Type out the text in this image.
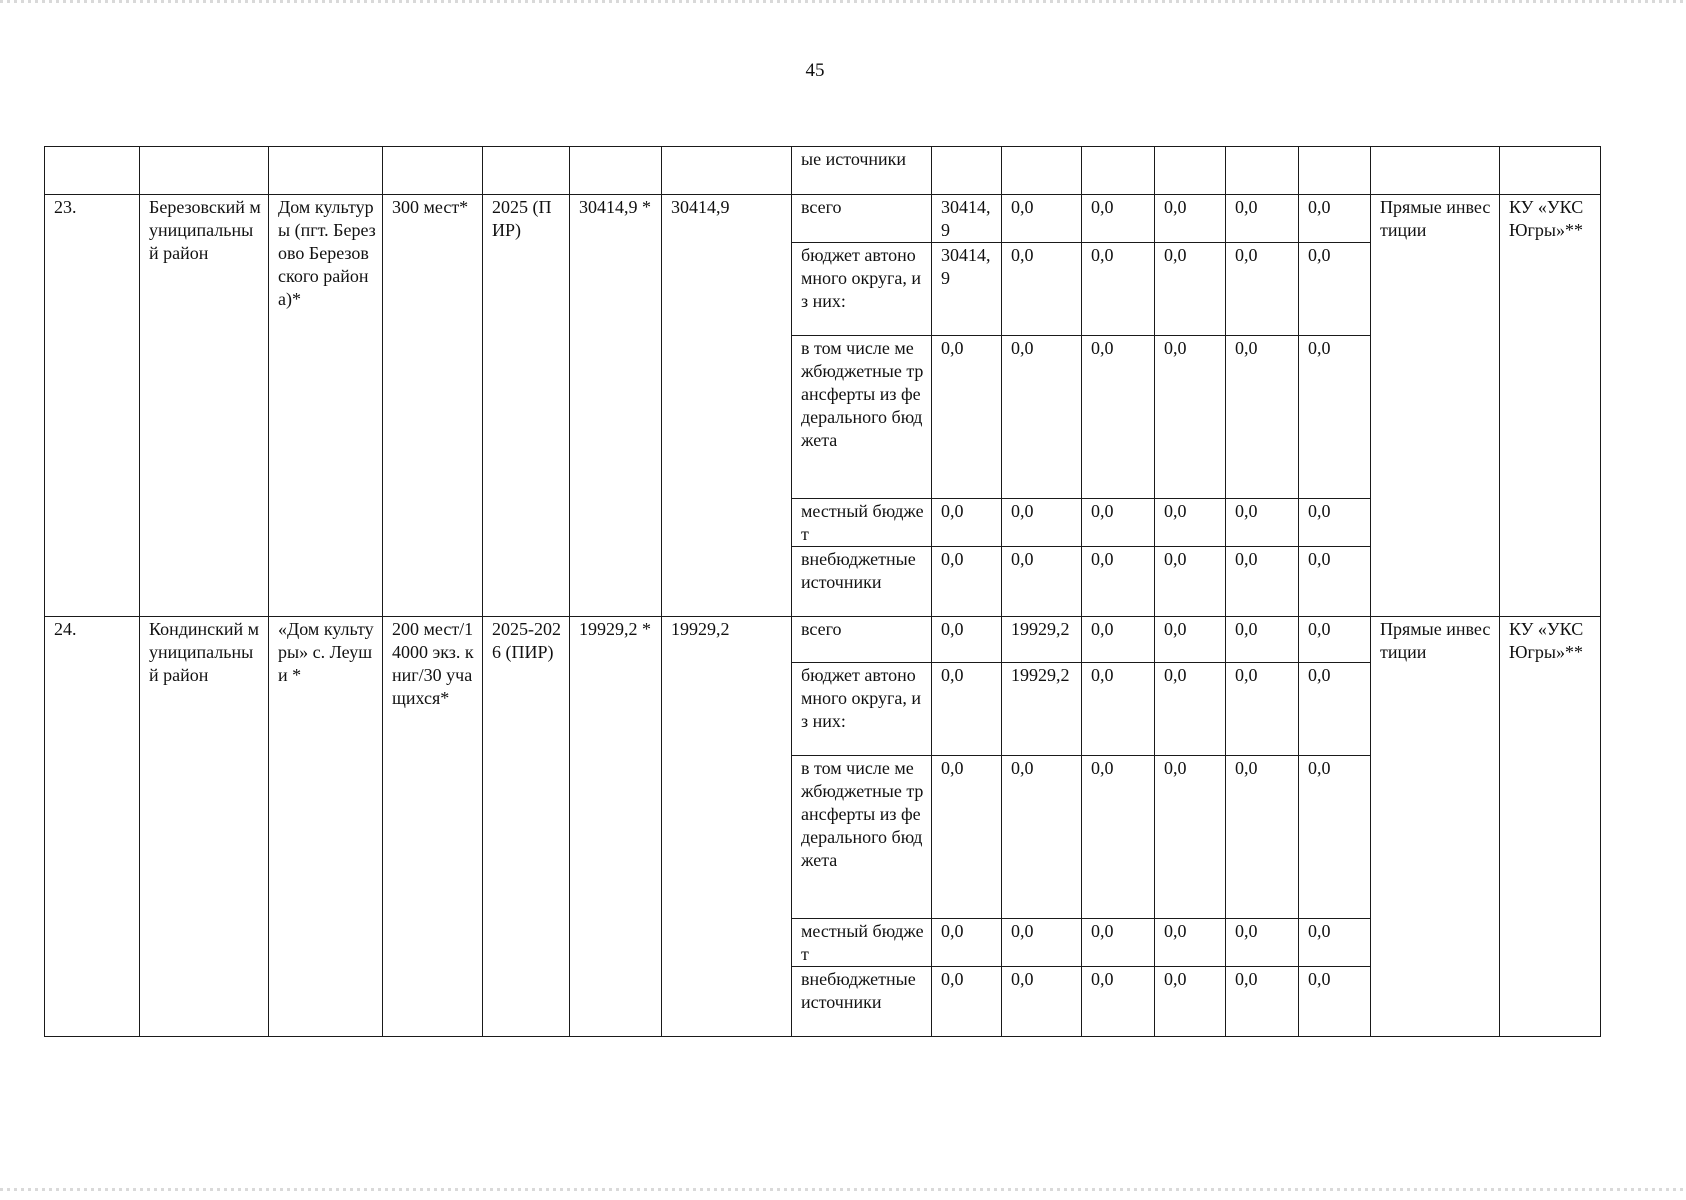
45
							ые источники								
23.	Березовский муниципальный район	Дом культуры (пгт. Березово Березовского района)*	300 мест*	2025 (ПИР)	30414,9 *	30414,9	всего	30414,9	0,0	0,0	0,0	0,0	0,0	Прямые инвестиции	КУ «УКС Югры»**
							бюджет автономного округа, из них:	30414,9	0,0	0,0	0,0	0,0	0,0		
							в том числе межбюджетные трансферты из федерального бюджета	0,0	0,0	0,0	0,0	0,0	0,0		
							местный бюджет	0,0	0,0	0,0	0,0	0,0	0,0		
							внебюджетные источники	0,0	0,0	0,0	0,0	0,0	0,0		
24.	Кондинский муниципальный район	«Дом культуры» с. Леуши *	200 мест/14000 экз. книг/30 учащихся*	2025-2026 (ПИР)	19929,2 *	19929,2	всего	0,0	19929,2	0,0	0,0	0,0	0,0	Прямые инвестиции	КУ «УКС Югры»**
							бюджет автономного округа, из них:	0,0	19929,2	0,0	0,0	0,0	0,0		
							в том числе межбюджетные трансферты из федерального бюджета	0,0	0,0	0,0	0,0	0,0	0,0		
							местный бюджет	0,0	0,0	0,0	0,0	0,0	0,0		
							внебюджетные источники	0,0	0,0	0,0	0,0	0,0	0,0		
